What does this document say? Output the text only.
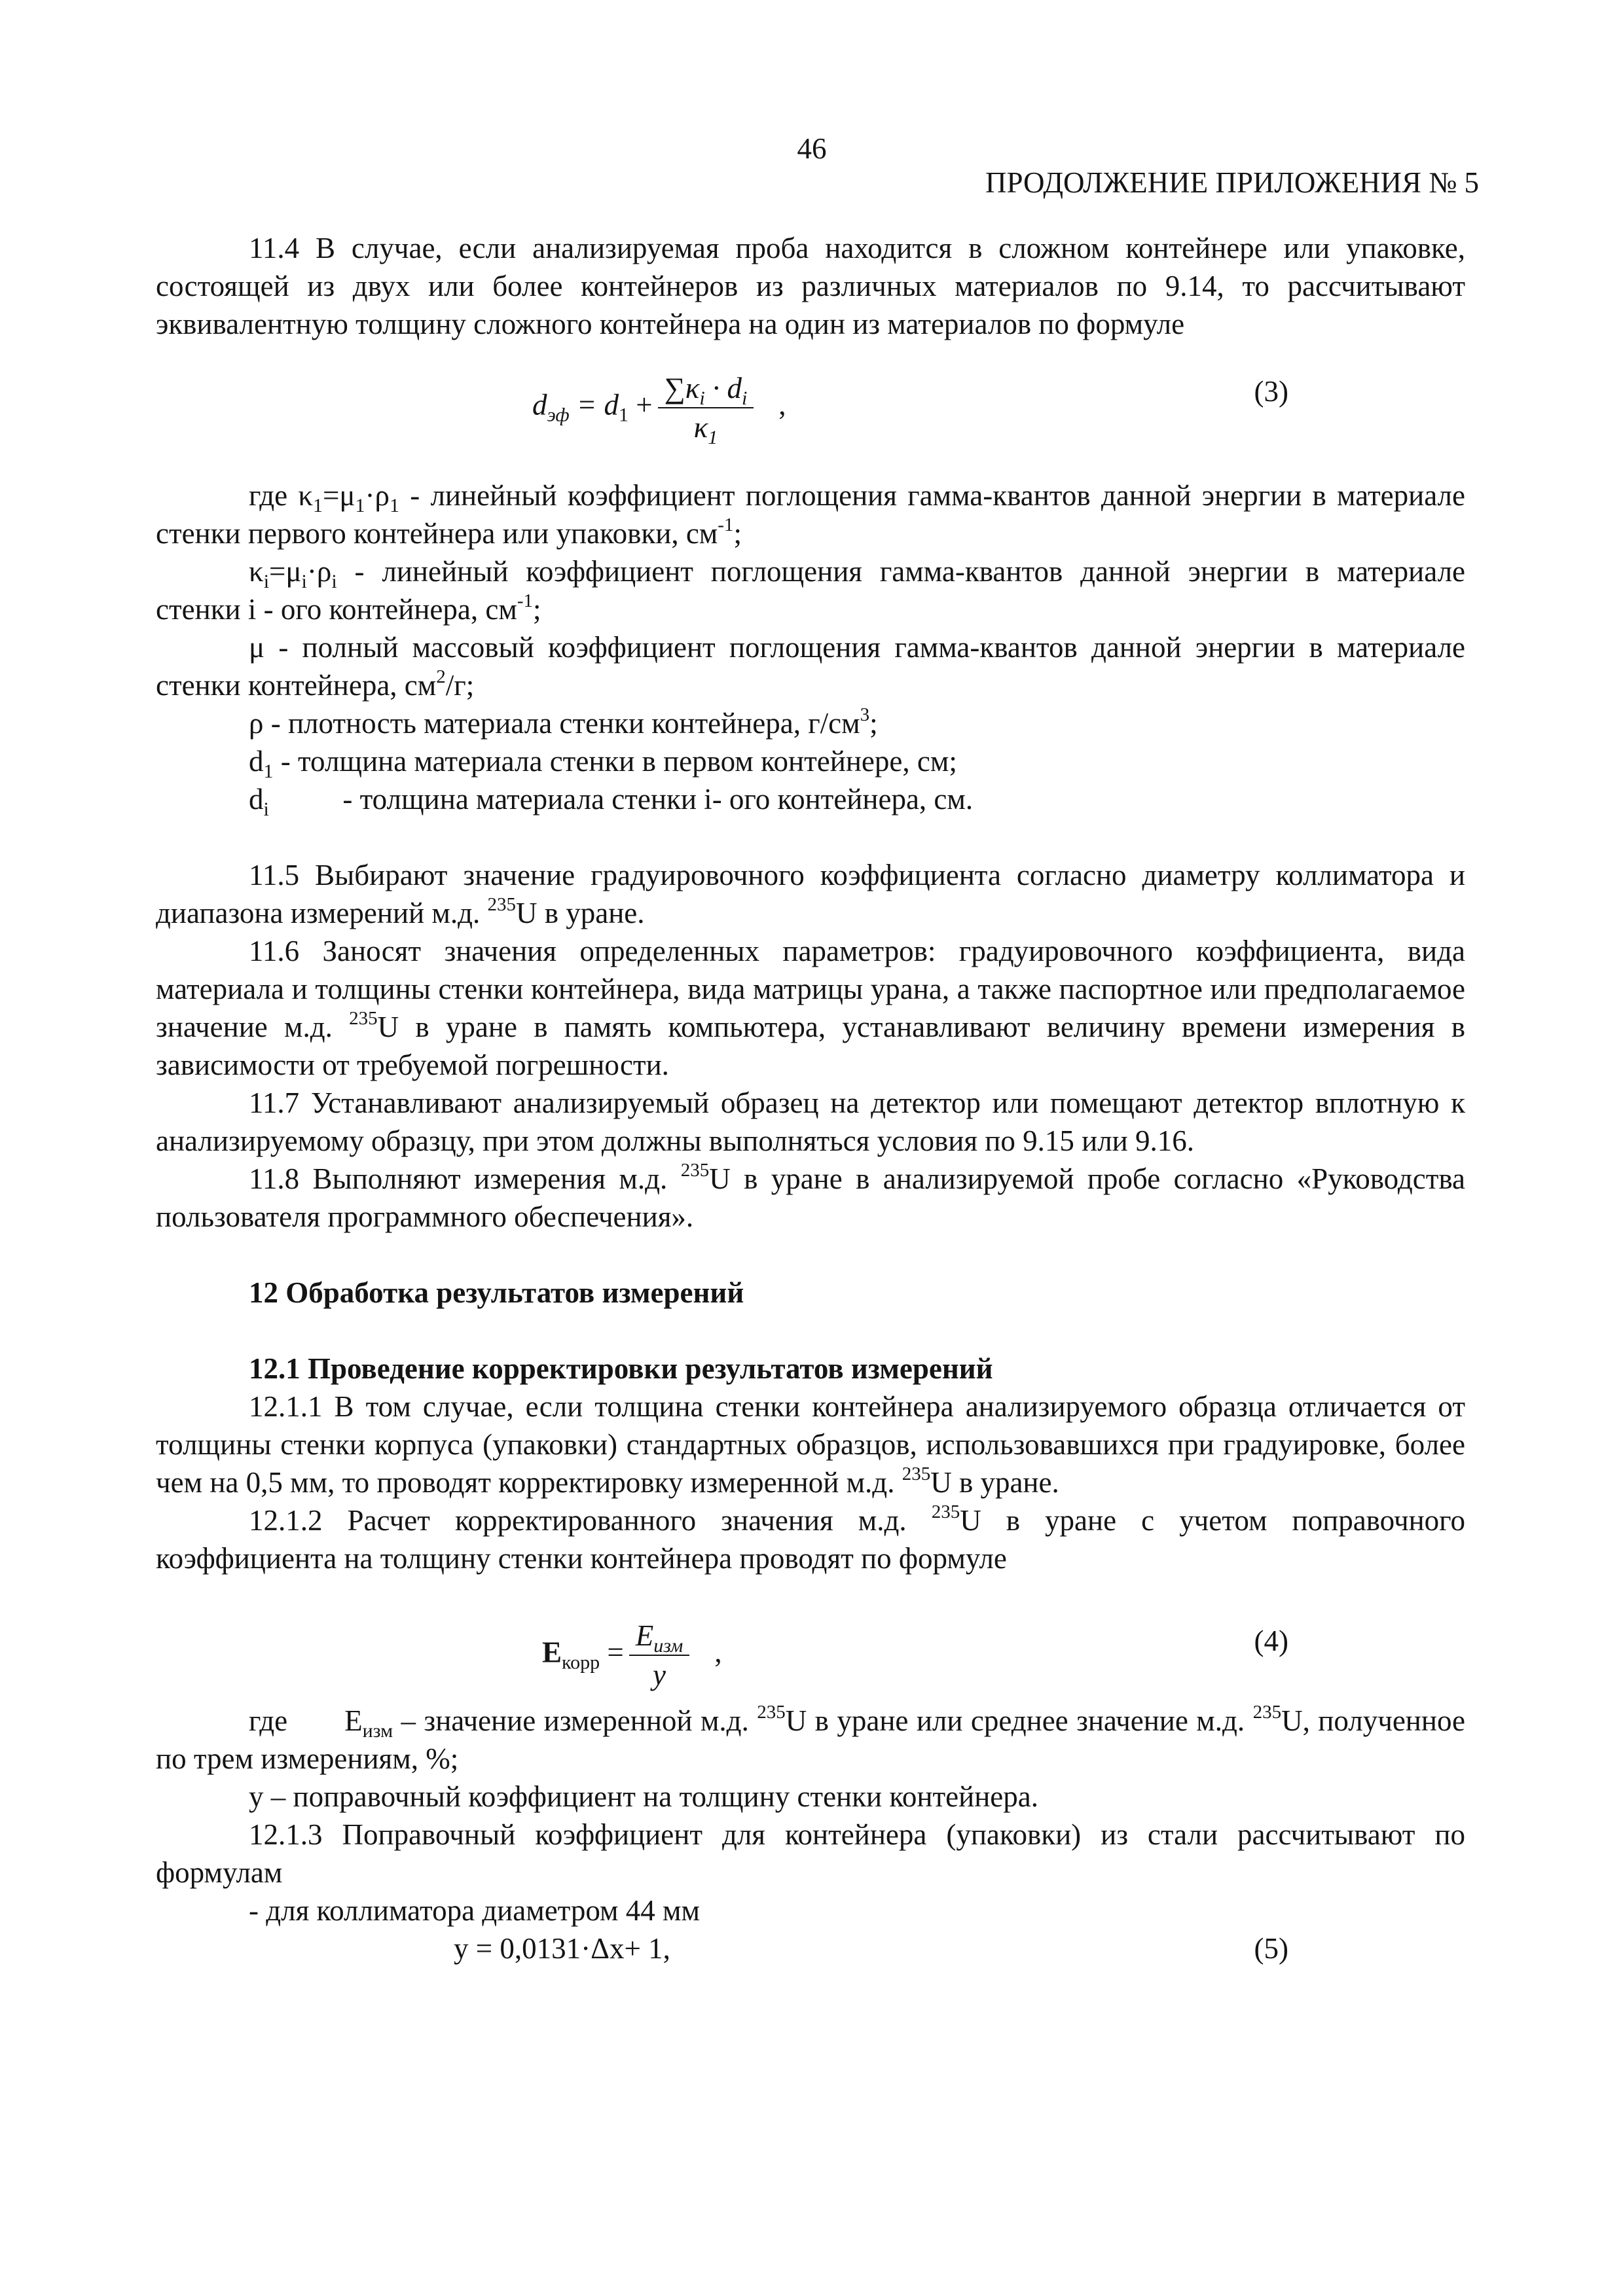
46
ПРОДОЛЖЕНИЕ ПРИЛОЖЕНИЯ № 5

11.4 В случае, если анализируемая проба находится в сложном контейнере или упаковке, состоящей из двух или более контейнеров из различных материалов по 9.14, то рассчитывают эквивалентную толщину сложного контейнера на один из материалов по формуле

$d_{эф} = d_1 + \frac{\sum\kappa_i \cdot d_i}{\kappa_1}$ ,	(3)

где $\kappa_1=\mu_1\cdot\rho_1$ - линейный коэффициент поглощения гамма-квантов данной энергии в материале стенки первого контейнера или упаковки, $см^{-1}$;

$\kappa_i=\mu_i\cdot\rho_i$ - линейный коэффициент поглощения гамма-квантов данной энергии в материале стенки i - ого контейнера, $см^{-1}$;

μ - полный массовый коэффициент поглощения гамма-квантов данной энергии в материале стенки контейнера, $см^2/г$;

ρ - плотность материала стенки контейнера, $г/см^3$;

$d_1$ - толщина материала стенки в первом контейнере, см;

$d_i$          - толщина материала стенки i- ого контейнера, см.

11.5 Выбирают значение градуировочного коэффициента согласно диаметру коллиматора и диапазона измерений м.д. $^{235}$U в уране.

11.6 Заносят значения определенных параметров: градуировочного коэффициента, вида материала и толщины стенки контейнера, вида матрицы урана, а также паспортное или предполагаемое значение м.д. $^{235}$U в уране в память компьютера, устанавливают величину времени измерения в зависимости от требуемой погрешности.

11.7 Устанавливают анализируемый образец на детектор или помещают детектор вплотную к анализируемому образцу, при этом должны выполняться условия по 9.15 или 9.16.

11.8 Выполняют измерения м.д. $^{235}$U в уране в анализируемой пробе согласно «Руководства пользователя программного обеспечения».

12 Обработка результатов измерений

12.1 Проведение корректировки результатов измерений

12.1.1 В том случае, если толщина стенки контейнера анализируемого образца отличается от толщины стенки корпуса (упаковки) стандартных образцов, использовавшихся при градуировке, более чем на 0,5 мм, то проводят корректировку измеренной м.д. $^{235}$U в уране.

12.1.2 Расчет корректированного значения м.д. $^{235}$U в уране с учетом поправочного коэффициента на толщину стенки контейнера проводят по формуле

$E_{корр} = \frac{E_{изм}}{y}$ ,	(4)

где       $E_{изм}$ – значение измеренной м.д. $^{235}$U в уране или среднее значение м.д. $^{235}$U, полученное по трем измерениям, %;

y – поправочный коэффициент на толщину стенки контейнера.

12.1.3 Поправочный коэффициент для контейнера (упаковки) из стали рассчитывают по формулам

- для коллиматора диаметром 44 мм

y = 0,0131·Δx+ 1,	(5)
